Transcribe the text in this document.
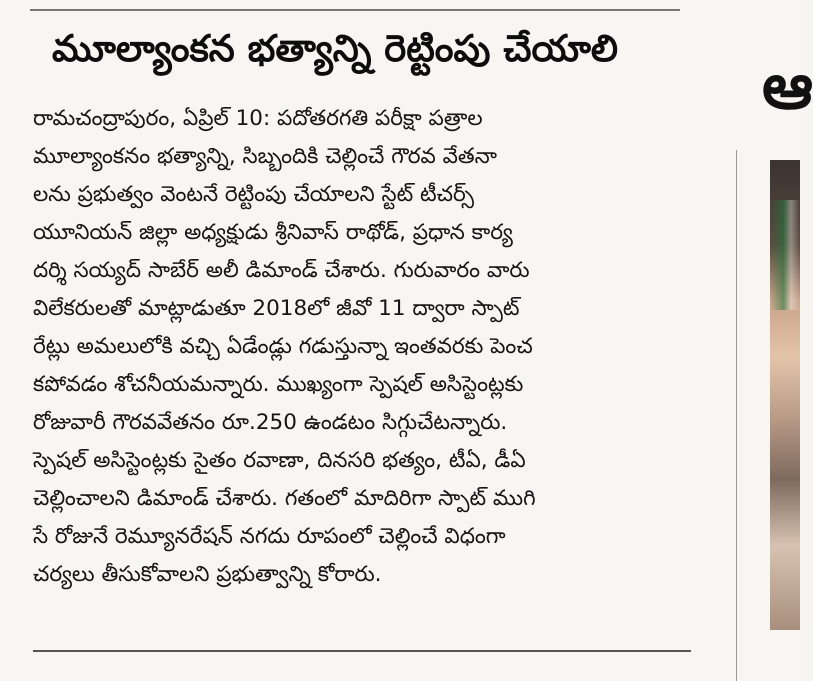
మూల్యాంకన భత్యాన్ని రెట్టింపు చేయాలి
రామచంద్రాపురం, ఏప్రిల్ 10: పదోతరగతి పరీక్షా పత్రాల
మూల్యాంకనం భత్యాన్ని, సిబ్బందికి చెల్లించే గౌరవ వేతనా
లను ప్రభుత్వం వెంటనే రెట్టింపు చేయాలని స్టేట్ టీచర్స్
యూనియన్ జిల్లా అధ్యక్షుడు శ్రీనివాస్ రాథోడ్, ప్రధాన కార్య
దర్శి సయ్యద్ సాబేర్ అలీ డిమాండ్ చేశారు. గురువారం వారు
విలేకరులతో మాట్లాడుతూ 2018లో జీవో 11 ద్వారా స్పాట్
రేట్లు అమలులోకి వచ్చి ఏడేండ్లు గడుస్తున్నా ఇంతవరకు పెంచ
కపోవడం శోచనీయమన్నారు. ముఖ్యంగా స్పెషల్ అసిస్టెంట్లకు
రోజువారీ గౌరవవేతనం రూ.250 ఉండటం సిగ్గుచేటన్నారు.
స్పెషల్ అసిస్టెంట్లకు సైతం రవాణా, దినసరి భత్యం, టీఏ, డీఏ
చెల్లించాలని డిమాండ్ చేశారు. గతంలో మాదిరిగా స్పాట్ ముగి
సే రోజునే రెమ్యూనరేషన్ నగదు రూపంలో చెల్లించే విధంగా
చర్యలు తీసుకోవాలని ప్రభుత్వాన్ని కోరారు.
ఆ
